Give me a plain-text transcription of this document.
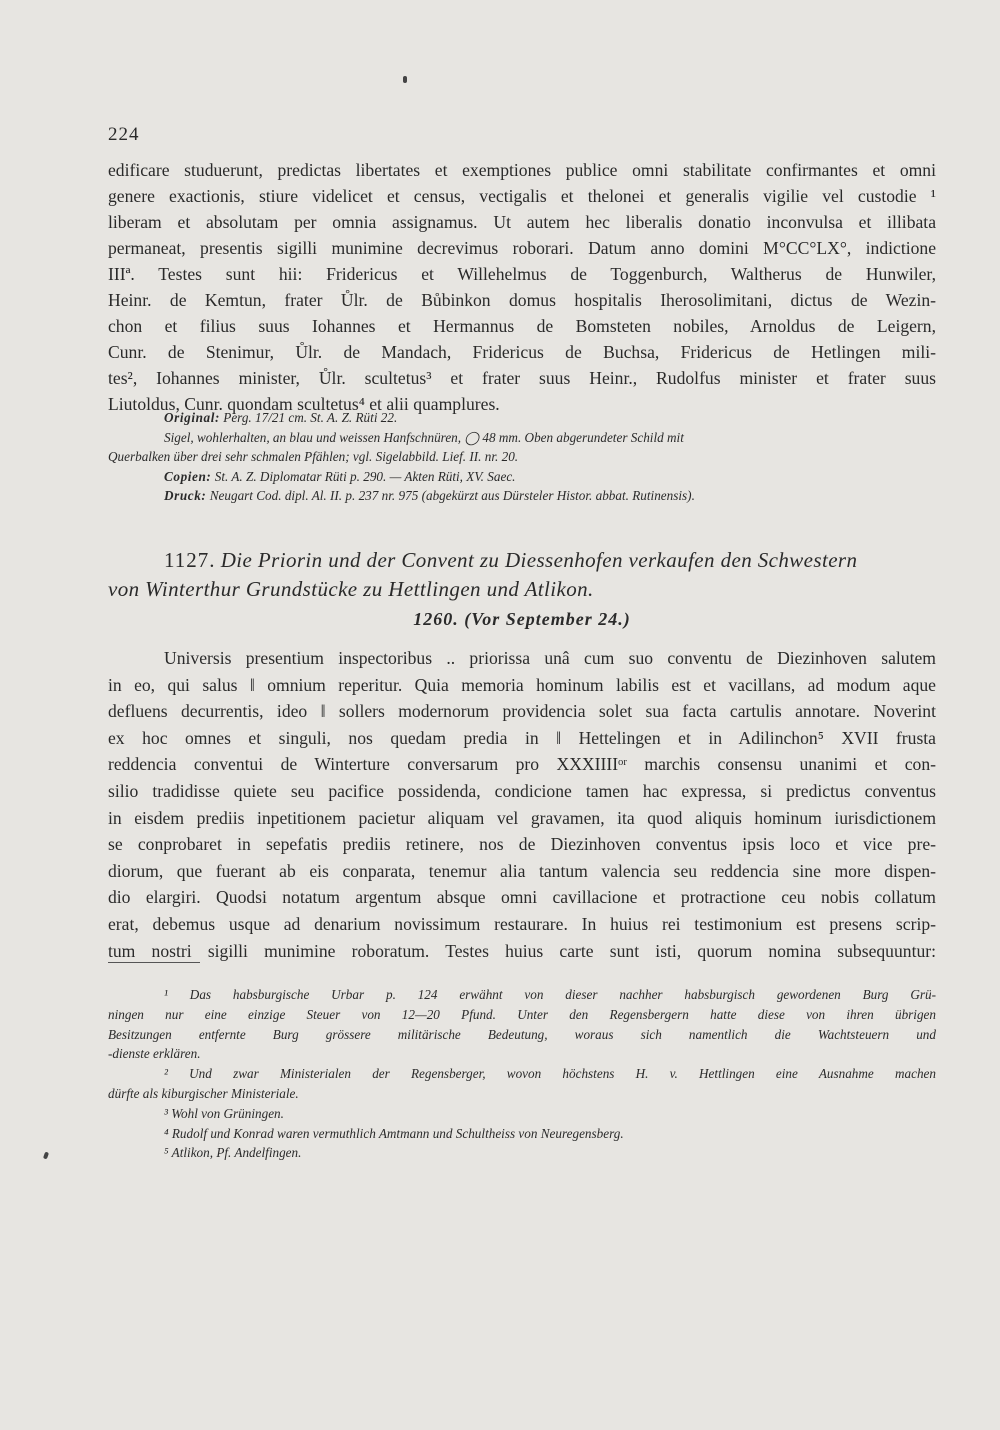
224
edificare studuerunt, predictas libertates et exemptiones publice omni stabilitate confirmantes et omni
genere exactionis, stiure videlicet et census, vectigalis et thelonei et generalis vigilie vel custodie ¹
liberam et absolutam per omnia assignamus. Ut autem hec liberalis donatio inconvulsa et illibata
permaneat, presentis sigilli munimine decrevimus roborari. Datum anno domini M°CC°LX°, indictione
IIIª. Testes sunt hii: Fridericus et Willehelmus de Toggenburch, Waltherus de Hunwiler,
Heinr. de Kemtun, frater Ůlr. de Bůbinkon domus hospitalis Iherosolimitani, dictus de Wezin-
chon et filius suus Iohannes et Hermannus de Bomsteten nobiles, Arnoldus de Leigern,
Cunr. de Stenimur, Ůlr. de Mandach, Fridericus de Buchsa, Fridericus de Hetlingen mili-
tes², Iohannes minister, Ůlr. scultetus³ et frater suus Heinr., Rudolfus minister et frater suus
Liutoldus, Cunr. quondam scultetus⁴ et alii quamplures.
Original: Perg. 17/21 cm. St. A. Z. Rüti 22.
Sigel, wohlerhalten, an blau und weissen Hanfschnüren, ◯ 48 mm. Oben abgerundeter Schild mit
Querbalken über drei sehr schmalen Pfählen; vgl. Sigelabbild. Lief. II. nr. 20.
Copien: St. A. Z. Diplomatar Rüti p. 290. — Akten Rüti, XV. Saec.
Druck: Neugart Cod. dipl. Al. II. p. 237 nr. 975 (abgekürzt aus Dürsteler Histor. abbat. Rutinensis).
1127. Die Priorin und der Convent zu Diessenhofen verkaufen den Schwestern
von Winterthur Grundstücke zu Hettlingen und Atlikon.
1260. (Vor September 24.)
Universis presentium inspectoribus .. priorissa unâ cum suo conventu de Diezinhoven salutem
in eo, qui salus ‖ omnium reperitur. Quia memoria hominum labilis est et vacillans, ad modum aque
defluens decurrentis, ideo ‖ sollers modernorum providencia solet sua facta cartulis annotare. Noverint
ex hoc omnes et singuli, nos quedam predia in ‖ Hettelingen et in Adilinchon⁵ XVII frusta
reddencia conventui de Winterture conversarum pro XXXIIIIᵒʳ marchis consensu unanimi et con-
silio tradidisse quiete seu pacifice possidenda, condicione tamen hac expressa, si predictus conventus
in eisdem prediis inpetitionem pacietur aliquam vel gravamen, ita quod aliquis hominum iurisdictionem
se conprobaret in sepefatis prediis retinere, nos de Diezinhoven conventus ipsis loco et vice pre-
diorum, que fuerant ab eis conparata, tenemur alia tantum valencia seu reddencia sine more dispen-
dio elargiri. Quodsi notatum argentum absque omni cavillacione et protractione ceu nobis collatum
erat, debemus usque ad denarium novissimum restaurare. In huius rei testimonium est presens scrip-
tum nostri sigilli munimine roboratum. Testes huius carte sunt isti, quorum nomina subsequuntur:
¹ Das habsburgische Urbar p. 124 erwähnt von dieser nachher habsburgisch gewordenen Burg Grü-
ningen nur eine einzige Steuer von 12—20 Pfund. Unter den Regensbergern hatte diese von ihren übrigen
Besitzungen entfernte Burg grössere militärische Bedeutung, woraus sich namentlich die Wachtsteuern und
-dienste erklären.
² Und zwar Ministerialen der Regensberger, wovon höchstens H. v. Hettlingen eine Ausnahme machen
dürfte als kiburgischer Ministeriale.
³ Wohl von Grüningen.
⁴ Rudolf und Konrad waren vermuthlich Amtmann und Schultheiss von Neuregensberg.
⁵ Atlikon, Pf. Andelfingen.
